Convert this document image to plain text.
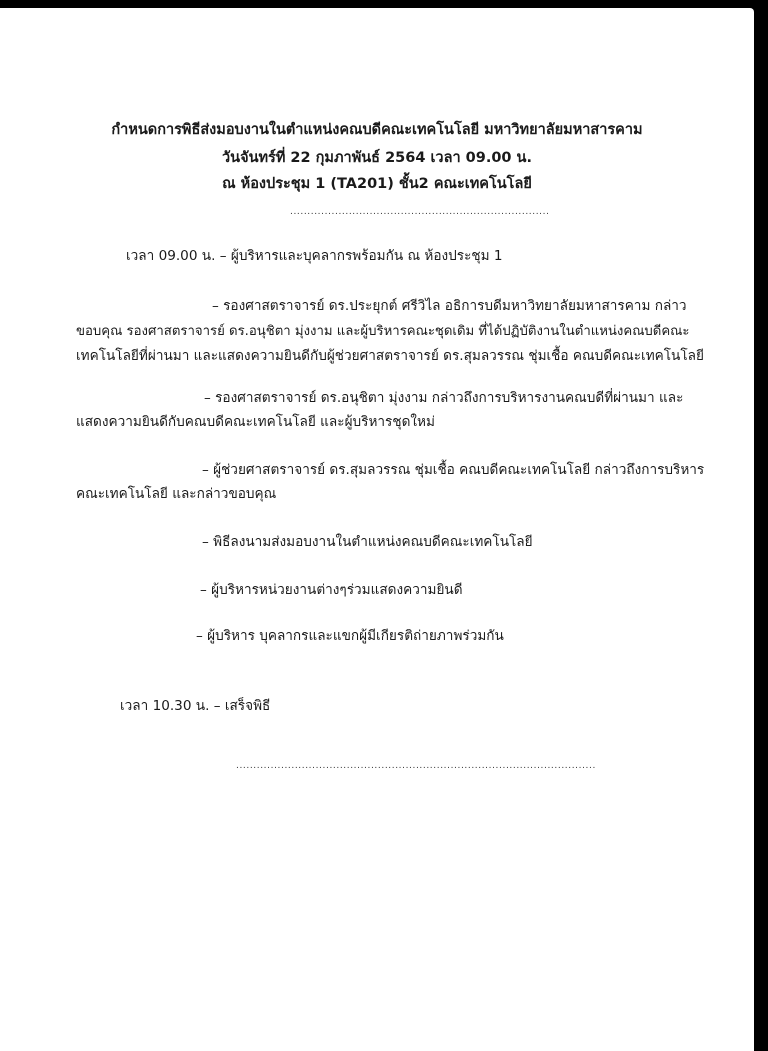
กำหนดการพิธีส่งมอบงานในตำแหน่งคณบดีคณะเทคโนโลยี มหาวิทยาลัยมหาสารคาม
วันจันทร์ที่ 22 กุมภาพันธ์ 2564 เวลา 09.00 น.
ณ ห้องประชุม 1 (TA201) ชั้น2 คณะเทคโนโลยี
...........................................................................
เวลา 09.00 น. – ผู้บริหารและบุคลากรพร้อมกัน ณ ห้องประชุม 1
– รองศาสตราจารย์ ดร.ประยุกต์ ศรีวิไล อธิการบดีมหาวิทยาลัยมหาสารคาม กล่าว
ขอบคุณ รองศาสตราจารย์ ดร.อนุชิตา มุ่งงาม และผู้บริหารคณะชุดเดิม ที่ได้ปฏิบัติงานในตำแหน่งคณบดีคณะ
เทคโนโลยีที่ผ่านมา และแสดงความยินดีกับผู้ช่วยศาสตราจารย์ ดร.สุมลวรรณ ชุ่มเชื้อ คณบดีคณะเทคโนโลยี
– รองศาสตราจารย์ ดร.อนุชิตา มุ่งงาม กล่าวถึงการบริหารงานคณบดีที่ผ่านมา และ
แสดงความยินดีกับคณบดีคณะเทคโนโลยี และผู้บริหารชุดใหม่
– ผู้ช่วยศาสตราจารย์ ดร.สุมลวรรณ ชุ่มเชื้อ คณบดีคณะเทคโนโลยี กล่าวถึงการบริหาร
คณะเทคโนโลยี และกล่าวขอบคุณ
– พิธีลงนามส่งมอบงานในตำแหน่งคณบดีคณะเทคโนโลยี
– ผู้บริหารหน่วยงานต่างๆร่วมแสดงความยินดี
– ผู้บริหาร บุคลากรและแขกผู้มีเกียรติถ่ายภาพร่วมกัน
เวลา 10.30 น. – เสร็จพิธี
........................................................................................................
